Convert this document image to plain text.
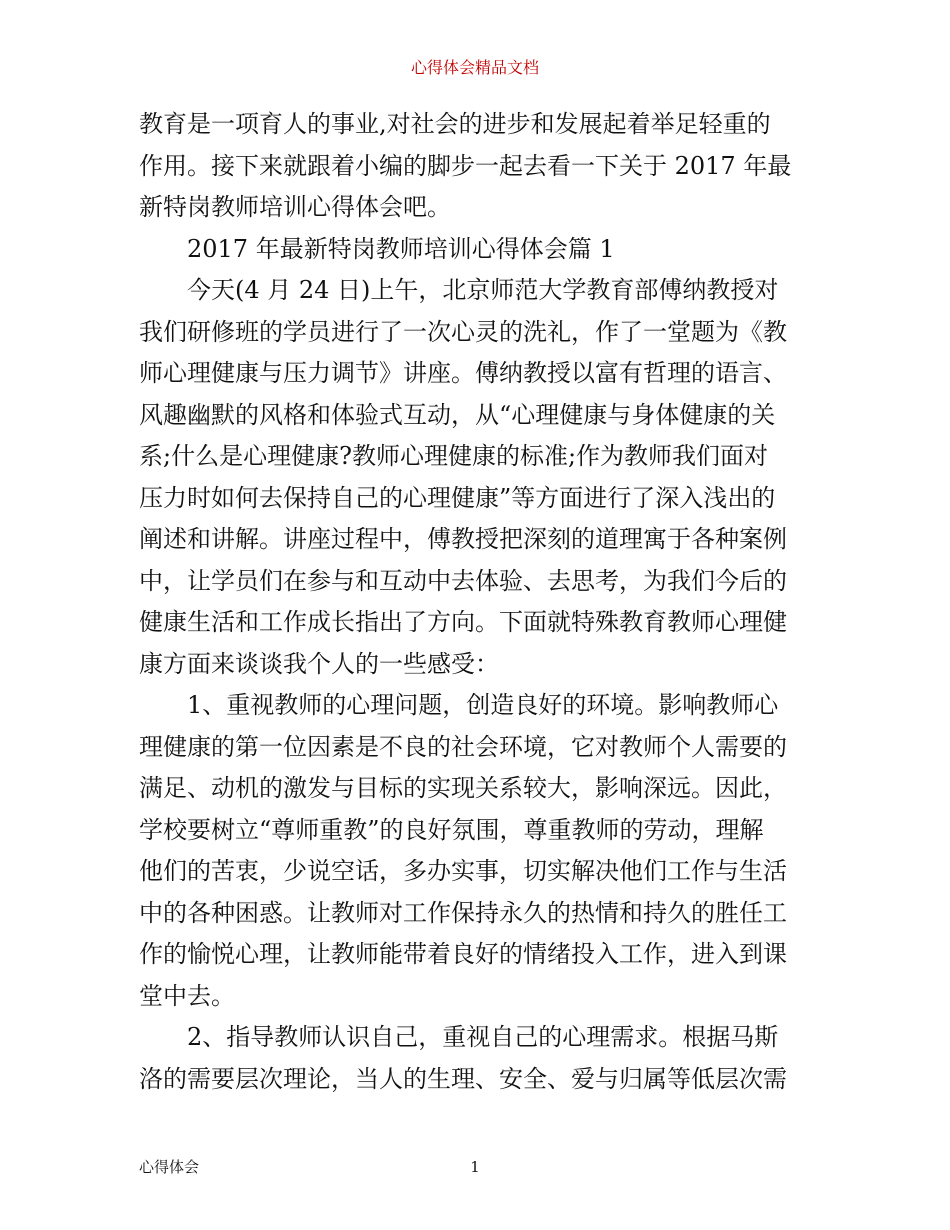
心得体会精品文档
教育是一项育人的事业,对社会的进步和发展起着举足轻重的
作用。接下来就跟着小编的脚步一起去看一下关于 2017 年最
新特岗教师培训心得体会吧。
2017 年最新特岗教师培训心得体会篇 1
今天(4 月 24 日)上午，北京师范大学教育部傅纳教授对
我们研修班的学员进行了一次心灵的洗礼，作了一堂题为《教
师心理健康与压力调节》讲座。傅纳教授以富有哲理的语言、
风趣幽默的风格和体验式互动，从“心理健康与身体健康的关
系;什么是心理健康?教师心理健康的标准;作为教师我们面对
压力时如何去保持自己的心理健康”等方面进行了深入浅出的
阐述和讲解。讲座过程中，傅教授把深刻的道理寓于各种案例
中，让学员们在参与和互动中去体验、去思考，为我们今后的
健康生活和工作成长指出了方向。下面就特殊教育教师心理健
康方面来谈谈我个人的一些感受：
1、重视教师的心理问题，创造良好的环境。影响教师心
理健康的第一位因素是不良的社会环境，它对教师个人需要的
满足、动机的激发与目标的实现关系较大，影响深远。因此，
学校要树立“尊师重教”的良好氛围，尊重教师的劳动，理解
他们的苦衷，少说空话，多办实事，切实解决他们工作与生活
中的各种困惑。让教师对工作保持永久的热情和持久的胜任工
作的愉悦心理，让教师能带着良好的情绪投入工作，进入到课
堂中去。
2、指导教师认识自己，重视自己的心理需求。根据马斯
洛的需要层次理论，当人的生理、安全、爱与归属等低层次需
心得体会	1
